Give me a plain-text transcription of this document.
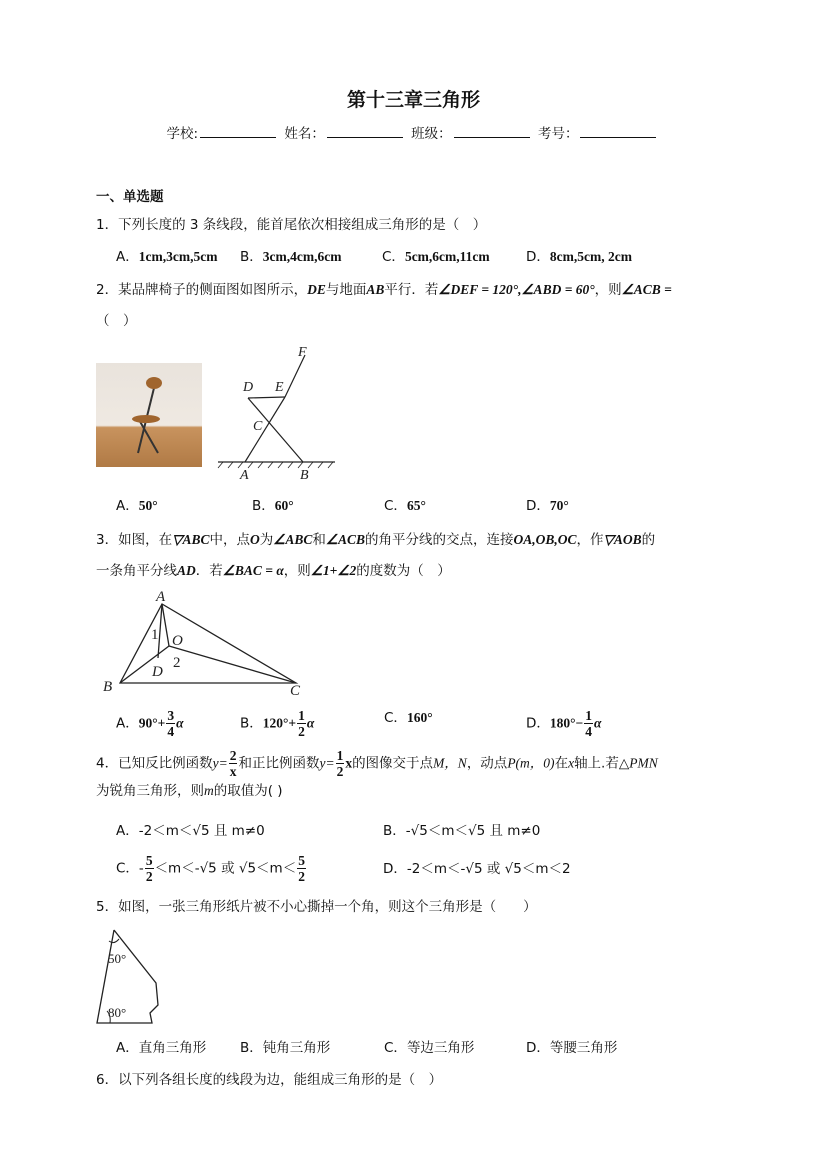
第十三章三角形
学校:	姓名：	班级：	考号：
一、单选题
1．下列长度的 3 条线段，能首尾依次相接组成三角形的是（　）
A．1cm,3cm,5cm B．3cm,4cm,6cm	C．5cm,6cm,11cm	D．8cm,5cm, 2cm
2．某品牌椅子的侧面图如图所示，DE与地面AB平行．若∠DEF = 120°,∠ABD = 60°，则∠ACB =
（　）
D E
F
C
A	B
A．50°	B．60°	C．65°	D．70°
3．如图，在▽ABC中，点O为∠ABC和∠ACB的角平分线的交点，连接OA,OB,OC，作▽AOB的
一条角平分线AD．若∠BAC = α，则∠1+∠2的度数为（　）
A
1 O
2
D
B	C
A．$90^\circ+ \frac{3}{4}$ α	B．$120^\circ+ \frac{1}{2}$ α	C．160°	D．$180^\circ- \frac{1}{4}$ α
4．已知反比例函数$y= \frac{2}{x}$ 和正比例函数$y= \frac{1}{2}$ x的图像交于点M，N，动点P(m，0)在x轴上.若△PMN
为锐角三角形，则m的取值为( )
A．-2＜m＜√5 且 m≠0	B．-√5＜m＜√5 且 m≠0
C．- $\frac{5}{2} <m<-√5$ 或 $√5<m< \frac{5}{2}$	D．-2＜m＜-√5 或 √5＜m＜2
5．如图，一张三角形纸片被不小心撕掉一个角，则这个三角形是（　　）
50°
80°
A．直角三角形	B．钝角三角形	C．等边三角形	D．等腰三角形
6．以下列各组长度的线段为边，能组成三角形的是（　）
